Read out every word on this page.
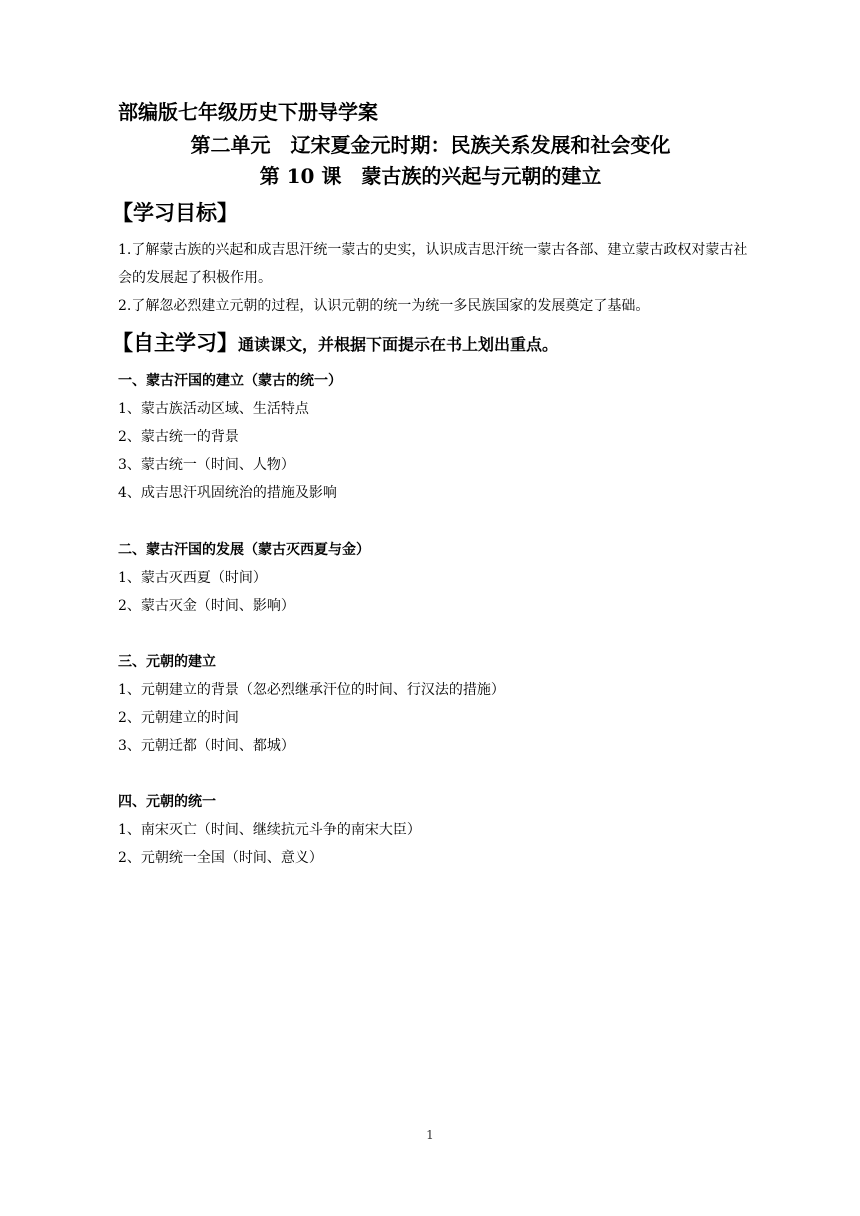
部编版七年级历史下册导学案
第二单元　辽宋夏金元时期：民族关系发展和社会变化
第 10 课　蒙古族的兴起与元朝的建立
【学习目标】

1.了解蒙古族的兴起和成吉思汗统一蒙古的史实，认识成吉思汗统一蒙古各部、建立蒙古政权对蒙古社会的发展起了积极作用。

2.了解忽必烈建立元朝的过程，认识元朝的统一为统一多民族国家的发展奠定了基础。

【自主学习】通读课文，并根据下面提示在书上划出重点。
一、蒙古汗国的建立（蒙古的统一）
1、蒙古族活动区域、生活特点
2、蒙古统一的背景
3、蒙古统一（时间、人物）
4、成吉思汗巩固统治的措施及影响
二、蒙古汗国的发展（蒙古灭西夏与金）
1、蒙古灭西夏（时间）
2、蒙古灭金（时间、影响）
三、元朝的建立
1、元朝建立的背景（忽必烈继承汗位的时间、行汉法的措施）
2、元朝建立的时间
3、元朝迁都（时间、都城）
四、元朝的统一
1、南宋灭亡（时间、继续抗元斗争的南宋大臣）
2、元朝统一全国（时间、意义）
1
